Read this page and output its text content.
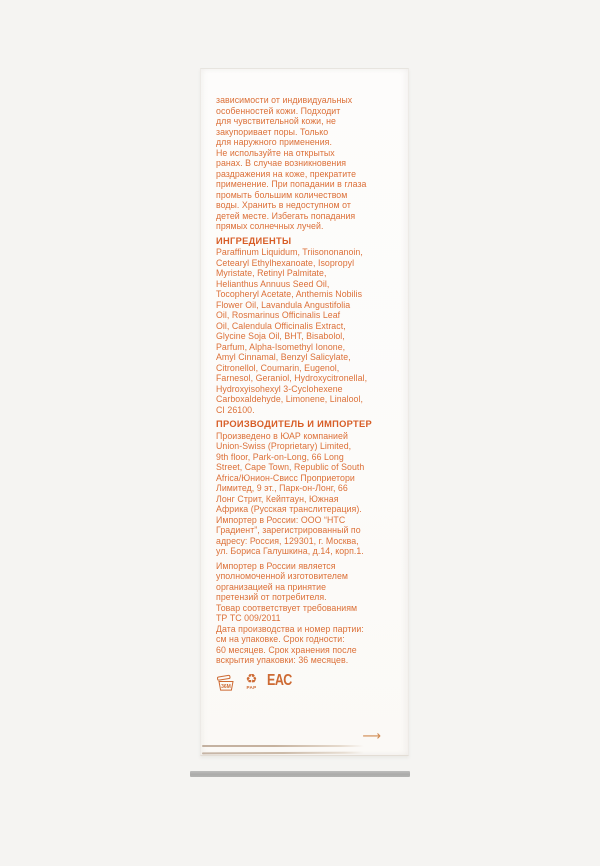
зависимости от индивидуальных
особенностей кожи. Подходит
для чувствительной кожи, не
закупоривает поры. Только
для наружного применения.
Не используйте на открытых
ранах. В случае возникновения
раздражения на коже, прекратите
применение. При попадании в глаза
промыть большим количеством
воды. Хранить в недоступном от
детей месте. Избегать попадания
прямых солнечных лучей.
ИНГРЕДИЕНТЫ
Paraffinum Liquidum, Triisononanoin,
Cetearyl Ethylhexanoate, Isopropyl
Myristate, Retinyl Palmitate,
Helianthus Annuus Seed Oil,
Tocopheryl Acetate, Anthemis Nobilis
Flower Oil, Lavandula Angustifolia
Oil, Rosmarinus Officinalis Leaf
Oil, Calendula Officinalis Extract,
Glycine Soja Oil, BHT, Bisabolol,
Parfum, Alpha-Isomethyl Ionone,
Amyl Cinnamal, Benzyl Salicylate,
Citronellol, Coumarin, Eugenol,
Farnesol, Geraniol, Hydroxycitronellal,
Hydroxyisohexyl 3-Cyclohexene
Carboxaldehyde, Limonene, Linalool,
CI 26100.
ПРОИЗВОДИТЕЛЬ И ИМПОРТЕР
Произведено в ЮАР компанией
Union-Swiss (Proprietary) Limited,
9th floor, Park-on-Long, 66 Long
Street, Cape Town, Republic of South
Africa/Юнион-Свисс Проприетори
Лимитед, 9 эт., Парк-он-Лонг, 66
Лонг Стрит, Кейптаун, Южная
Африка (Русская транслитерация).
Импортер в России: ООО “НТС
Градиент”, зарегистрированный по
адресу: Россия, 129301, г. Москва,
ул. Бориса Галушкина, д.14, корп.1.
Импортер в России является
уполномоченной изготовителем
организацией на принятие
претензий от потребителя.
Товар соответствует требованиям
ТР ТС 009/2011
Дата производства и номер партии:
см на упаковке. Срок годности:
60 месяцев. Срок хранения после
вскрытия упаковки: 36 месяцев.
36M
♻
PAP ЕАС
⟶
